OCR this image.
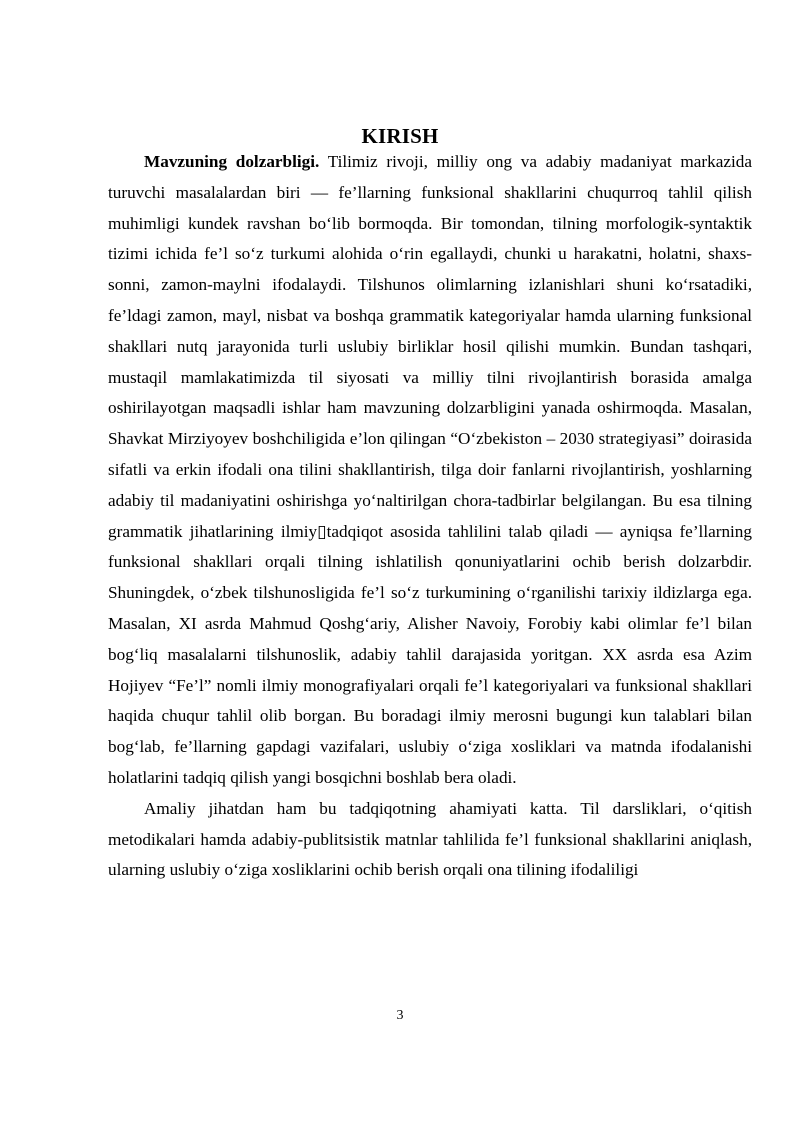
KIRISH

Mavzuning dolzarbligi. Tilimiz rivoji, milliy ong va adabiy madaniyat markazida turuvchi masalalardan biri — fe’llarning funksional shakllarini chuqurroq tahlil qilish muhimligi kundek ravshan bo‘lib bormoqda. Bir tomondan, tilning morfologik-syntaktik tizimi ichida fe’l so‘z turkumi alohida o‘rin egallaydi, chunki u harakatni, holatni, shaxs-sonni, zamon-maylni ifodalaydi. Tilshunos olimlarning izlanishlari shuni ko‘rsatadiki, fe’ldagi zamon, mayl, nisbat va boshqa grammatik kategoriyalar hamda ularning funksional shakllari nutq jarayonida turli uslubiy birliklar hosil qilishi mumkin. Bundan tashqari, mustaqil mamlakatimizda til siyosati va milliy tilni rivojlantirish borasida amalga oshirilayotgan maqsadli ishlar ham mavzuning dolzarbligini yanada oshirmoqda. Masalan, Shavkat Mirziyoyev boshchiligida e’lon qilingan “O‘zbekiston – 2030 strategiyasi” doirasida sifatli va erkin ifodali ona tilini shakllantirish, tilga doir fanlarni rivojlantirish, yoshlarning adabiy til madaniyatini oshirishga yo‘naltirilgan chora-tadbirlar belgilangan. Bu esa tilning grammatik jihatlarining ilmiy▯tadqiqot asosida tahlilini talab qiladi — ayniqsa fe’llarning funksional shakllari orqali tilning ishlatilish qonuniyatlarini ochib berish dolzarbdir. Shuningdek, o‘zbek tilshunosligida fe’l so‘z turkumining o‘rganilishi tarixiy ildizlarga ega. Masalan, XI asrda Mahmud Qoshg‘ariy, Alisher Navoiy, Forobiy kabi olimlar fe’l bilan bog‘liq masalalarni tilshunoslik, adabiy tahlil darajasida yoritgan. XX asrda esa Azim Hojiyev “Fe’l” nomli ilmiy monografiyalari orqali fe’l kategoriyalari va funksional shakllari haqida chuqur tahlil olib borgan. Bu boradagi ilmiy merosni bugungi kun talablari bilan bog‘lab, fe’llarning gapdagi vazifalari, uslubiy o‘ziga xosliklari va matnda ifodalanishi holatlarini tadqiq qilish yangi bosqichni boshlab bera oladi.

Amaliy jihatdan ham bu tadqiqotning ahamiyati katta. Til darsliklari, o‘qitish metodikalari hamda adabiy-publitsistik matnlar tahlilida fe’l funksional shakllarini aniqlash, ularning uslubiy o‘ziga xosliklarini ochib berish orqali ona tilining ifodaliligi

3
